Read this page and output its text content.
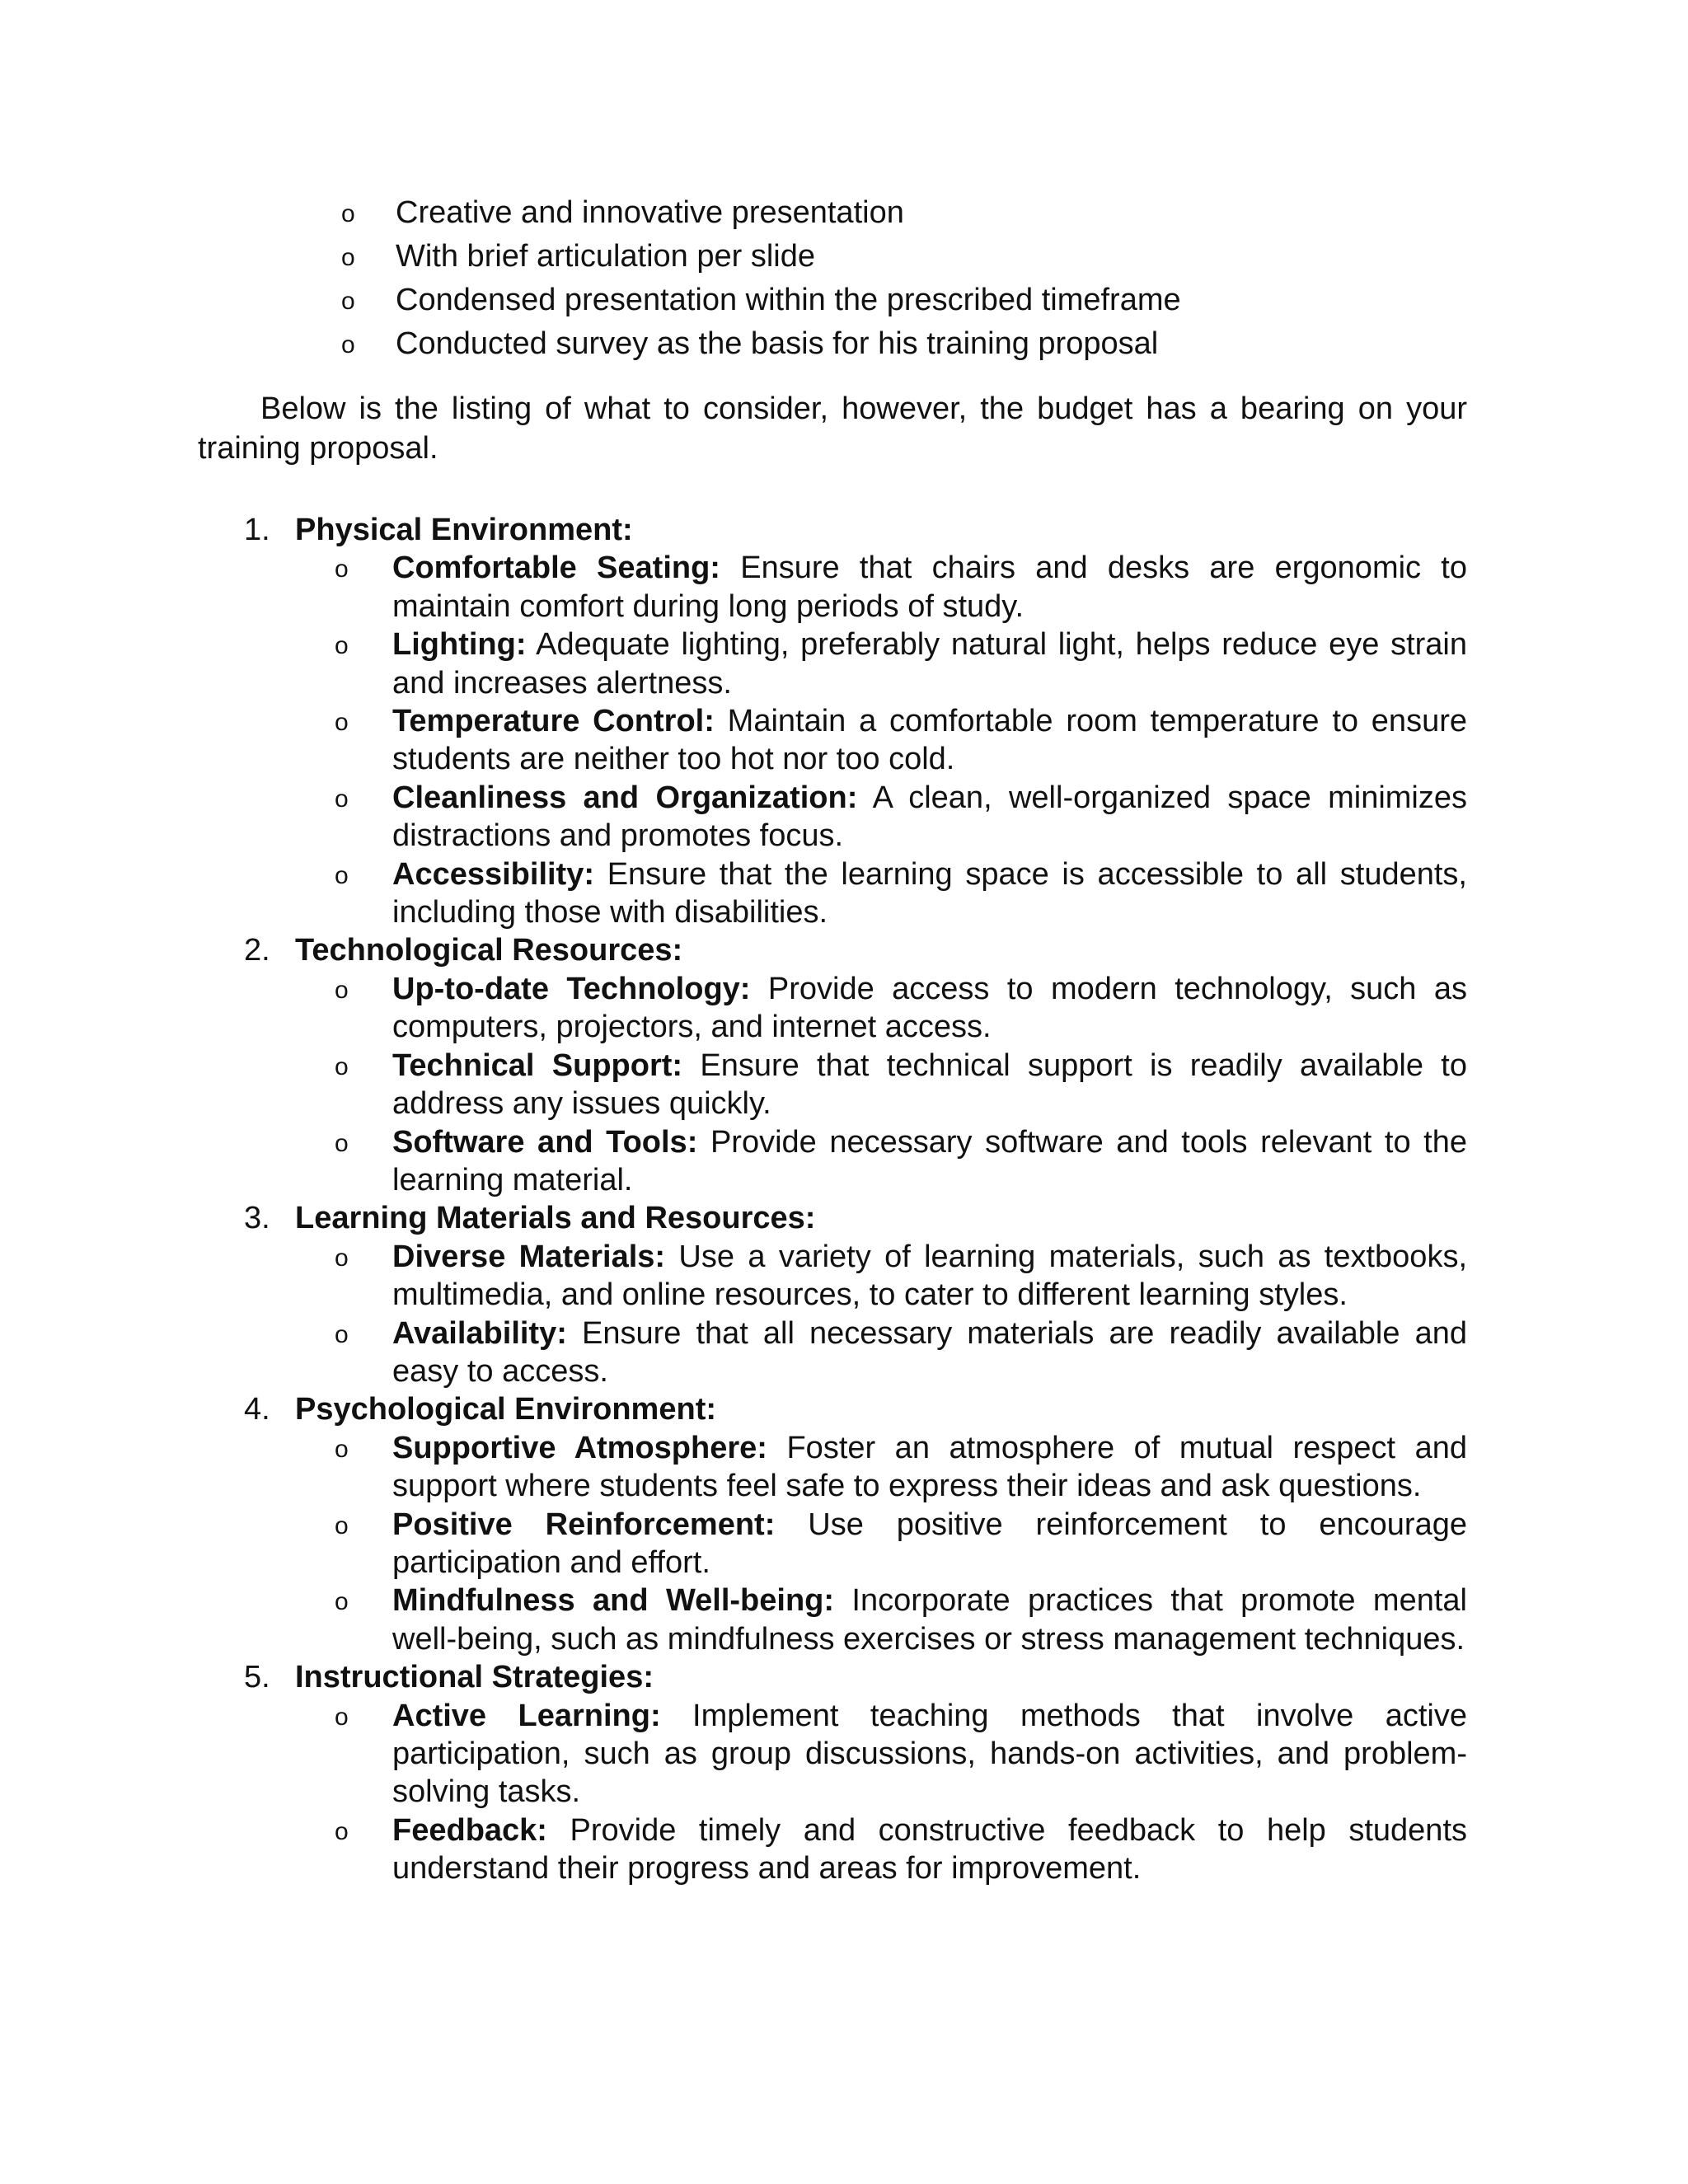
o Creative and innovative presentation
o With brief articulation per slide
o Condensed presentation within the prescribed timeframe
o Conducted survey as the basis for his training proposal

Below is the listing of what to consider, however, the budget has a bearing on your training proposal.

1. Physical Environment:
o Comfortable Seating: Ensure that chairs and desks are ergonomic to maintain comfort during long periods of study.
o Lighting: Adequate lighting, preferably natural light, helps reduce eye strain and increases alertness.
o Temperature Control: Maintain a comfortable room temperature to ensure students are neither too hot nor too cold.
o Cleanliness and Organization: A clean, well-organized space minimizes distractions and promotes focus.
o Accessibility: Ensure that the learning space is accessible to all students, including those with disabilities.
2. Technological Resources:
o Up-to-date Technology: Provide access to modern technology, such as computers, projectors, and internet access.
o Technical Support: Ensure that technical support is readily available to address any issues quickly.
o Software and Tools: Provide necessary software and tools relevant to the learning material.
3. Learning Materials and Resources:
o Diverse Materials: Use a variety of learning materials, such as textbooks, multimedia, and online resources, to cater to different learning styles.
o Availability: Ensure that all necessary materials are readily available and easy to access.
4. Psychological Environment:
o Supportive Atmosphere: Foster an atmosphere of mutual respect and support where students feel safe to express their ideas and ask questions.
o Positive Reinforcement: Use positive reinforcement to encourage participation and effort.
o Mindfulness and Well-being: Incorporate practices that promote mental well-being, such as mindfulness exercises or stress management techniques.
5. Instructional Strategies:
o Active Learning: Implement teaching methods that involve active participation, such as group discussions, hands-on activities, and problem-solving tasks.
o Feedback: Provide timely and constructive feedback to help students understand their progress and areas for improvement.
